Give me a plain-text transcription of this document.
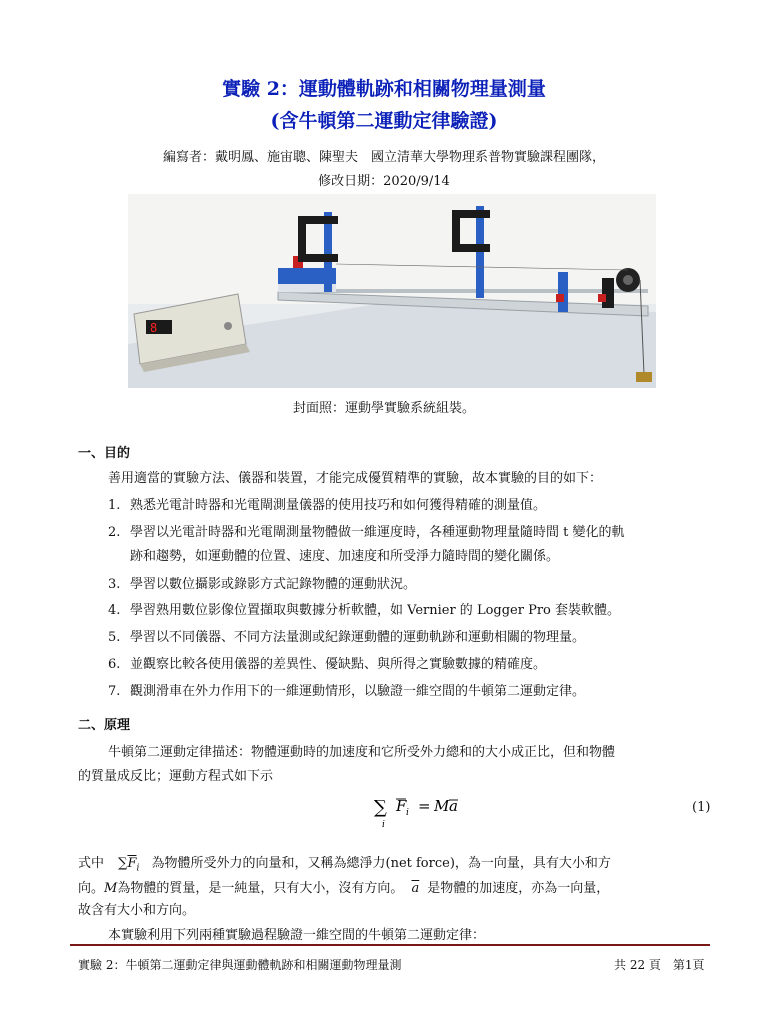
實驗 2：運動體軌跡和相關物理量測量
(含牛頓第二運動定律驗證)
編寫者：戴明鳳、施宙聰、陳聖夫　國立清華大學物理系普物實驗課程團隊，
修改日期：2020/9/14
8
封面照：運動學實驗系統組裝。
一、目的
善用適當的實驗方法、儀器和裝置，才能完成優質精準的實驗，故本實驗的目的如下：
1. 熟悉光電計時器和光電閘測量儀器的使用技巧和如何獲得精確的測量值。
2. 學習以光電計時器和光電閘測量物體做一維運度時，各種運動物理量隨時間 t 變化的軌
跡和趨勢，如運動體的位置、速度、加速度和所受淨力隨時間的變化關係。
3. 學習以數位攝影或錄影方式記錄物體的運動狀況。
4. 學習熟用數位影像位置擷取與數據分析軟體，如 Vernier 的 Logger Pro 套裝軟體。
5. 學習以不同儀器、不同方法量測或紀錄運動體的運動軌跡和運動相關的物理量。
6. 並觀察比較各使用儀器的差異性、優缺點、與所得之實驗數據的精確度。
7. 觀測滑車在外力作用下的一維運動情形，以驗證一維空間的牛頓第二運動定律。
二、原理
牛頓第二運動定律描述：物體運動時的加速度和它所受外力總和的大小成正比，但和物體
的質量成反比；運動方程式如下示
∑
i
F i = M a	(1)
式中 $\sum\overline{F}_i$ 為物體所受外力的向量和，又稱為總淨力(net force)，為一向量，具有大小和方
向。M為物體的質量，是一純量，只有大小，沒有方向。 $\overline{a}$ 是物體的加速度，亦為一向量，
故含有大小和方向。
本實驗利用下列兩種實驗過程驗證一維空間的牛頓第二運動定律：
實驗 2：牛頓第二運動定律與運動體軌跡和相關運動物理量測	共 22 頁　第1頁
